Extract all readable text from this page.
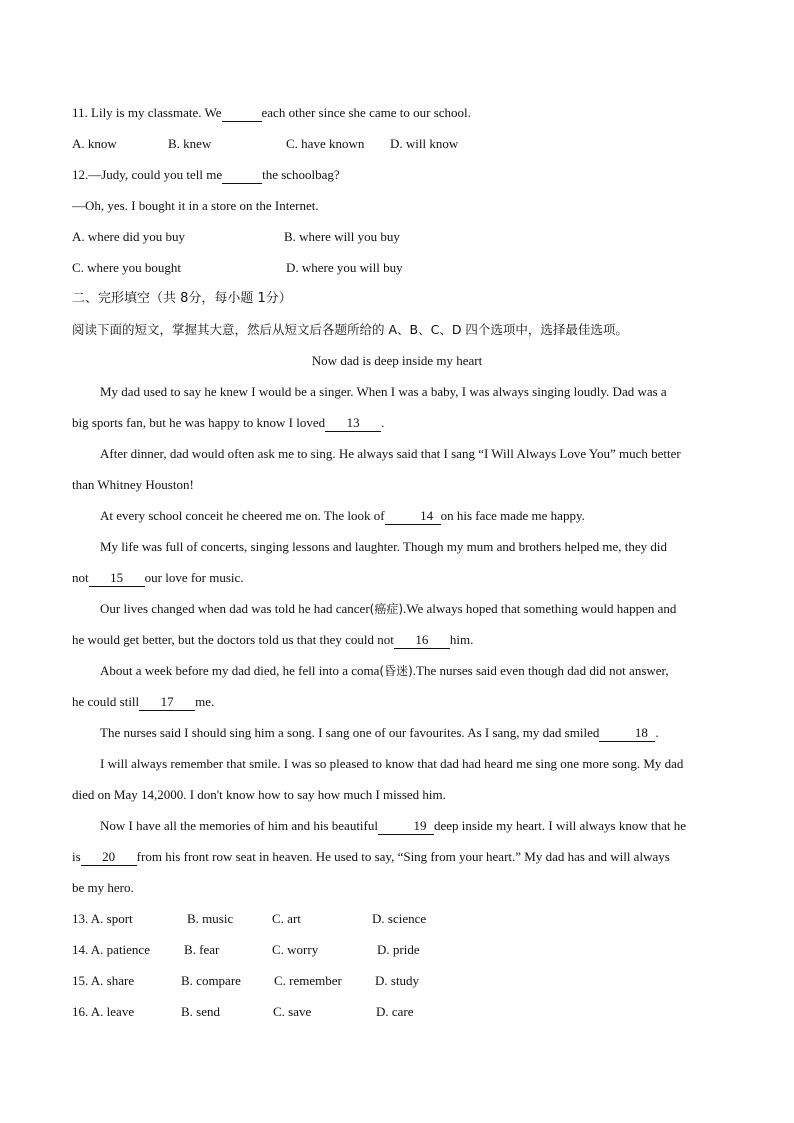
11. Lily is my classmate. We	each other since she came to our school.
A. know	B. knew	C. have known	D. will know
12.—Judy, could you tell me	the schoolbag?
—Oh, yes. I bought it in a store on the Internet.
A. where did you buy	B. where will you buy
C. where you bought	D. where you will buy
二、完形填空（共 8分，每小题 1分）
阅读下面的短文，掌握其大意，然后从短文后各题所给的 A、B、C、D 四个选项中，选择最佳选项。
Now dad is deep inside my heart
My dad used to say he knew I would be a singer. When I was a baby, I was always singing loudly. Dad was a
big sports fan, but he was happy to know I loved 13 .
After dinner, dad would often ask me to sing. He always said that I sang “I Will Always Love You” much better
than Whitney Houston!
At every school conceit he cheered me on. The look of	14 on his face made me happy.
My life was full of concerts, singing lessons and laughter. Though my mum and brothers helped me, they did
not 15 our love for music.
Our lives changed when dad was told he had cancer(癌症).We always hoped that something would happen and
he would get better, but the doctors told us that they could not 16 him.
About a week before my dad died, he fell into a coma(昏迷).The nurses said even though dad did not answer,
he could still 17 me.
The nurses said I should sing him a song. I sang one of our favourites. As I sang, my dad smiled	18 .
I will always remember that smile. I was so pleased to know that dad had heard me sing one more song. My dad
died on May 14,2000. I don't know how to say how much I missed him.
Now I have all the memories of him and his beautiful	19 deep inside my heart. I will always know that he
is 20 from his front row seat in heaven. He used to say, “Sing from your heart.” My dad has and will always
be my hero.
13. A. sport	B. music	C. art	D. science
14. A. patience	B. fear	C. worry	D. pride
15. A. share	B. compare	C. remember	D. study
16. A. leave	B. send	C. save	D. care
